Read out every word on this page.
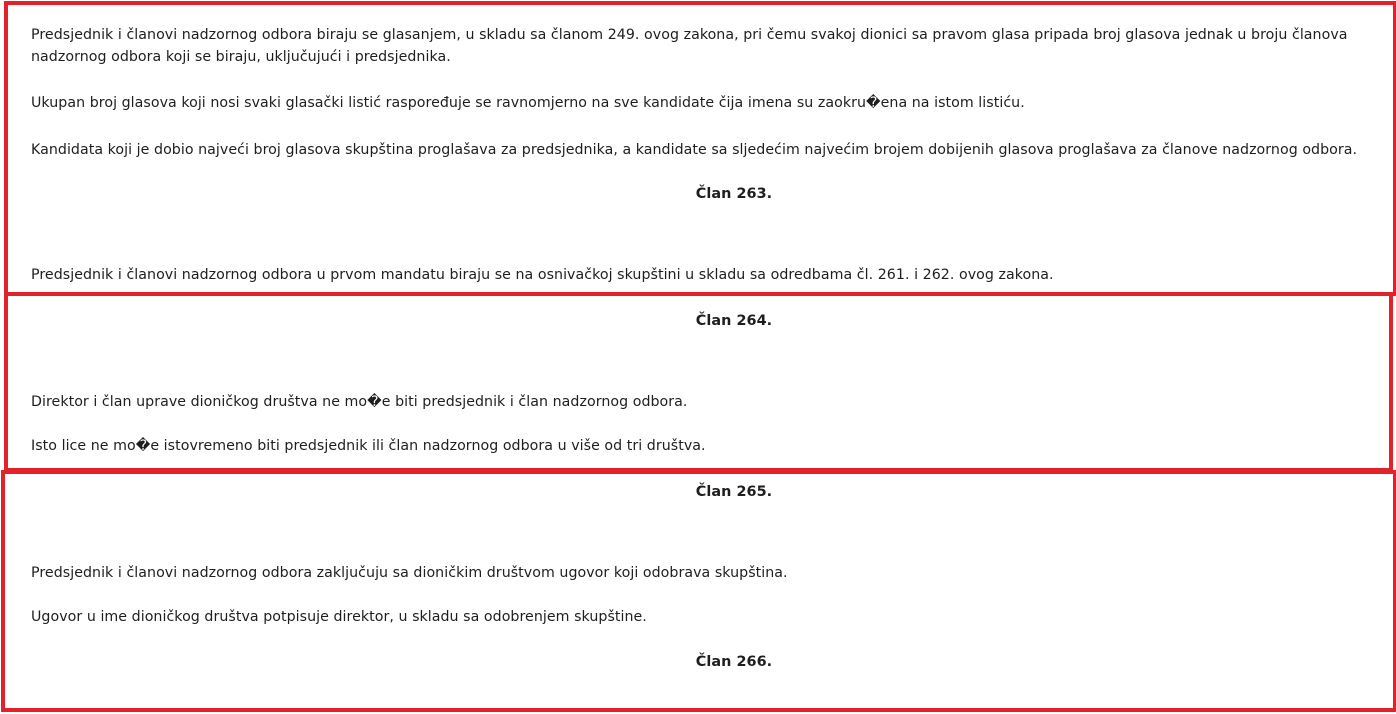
Predsjednik i članovi nadzornog odbora biraju se glasanjem, u skladu sa članom 249. ovog zakona, pri čemu svakoj dionici sa pravom glasa pripada broj glasova jednak u broju članova nadzornog odbora koji se biraju, uključujući i predsjednika.
Ukupan broj glasova koji nosi svaki glasački listić raspoređuje se ravnomjerno na sve kandidate čija imena su zaokru�ena na istom listiću.
Kandidata koji je dobio najveći broj glasova skupština proglašava za predsjednika, a kandidate sa sljedećim najvećim brojem dobijenih glasova proglašava za članove nadzornog odbora.
Član 263.
Predsjednik i članovi nadzornog odbora u prvom mandatu biraju se na osnivačkoj skupštini u skladu sa odredbama čl. 261. i 262. ovog zakona.
Član 264.
Direktor i član uprave dioničkog društva ne mo�e biti predsjednik i član nadzornog odbora.
Isto lice ne mo�e istovremeno biti predsjednik ili član nadzornog odbora u više od tri društva.
Član 265.
Predsjednik i članovi nadzornog odbora zaključuju sa dioničkim društvom ugovor koji odobrava skupština.
Ugovor u ime dioničkog društva potpisuje direktor, u skladu sa odobrenjem skupštine.
Član 266.
